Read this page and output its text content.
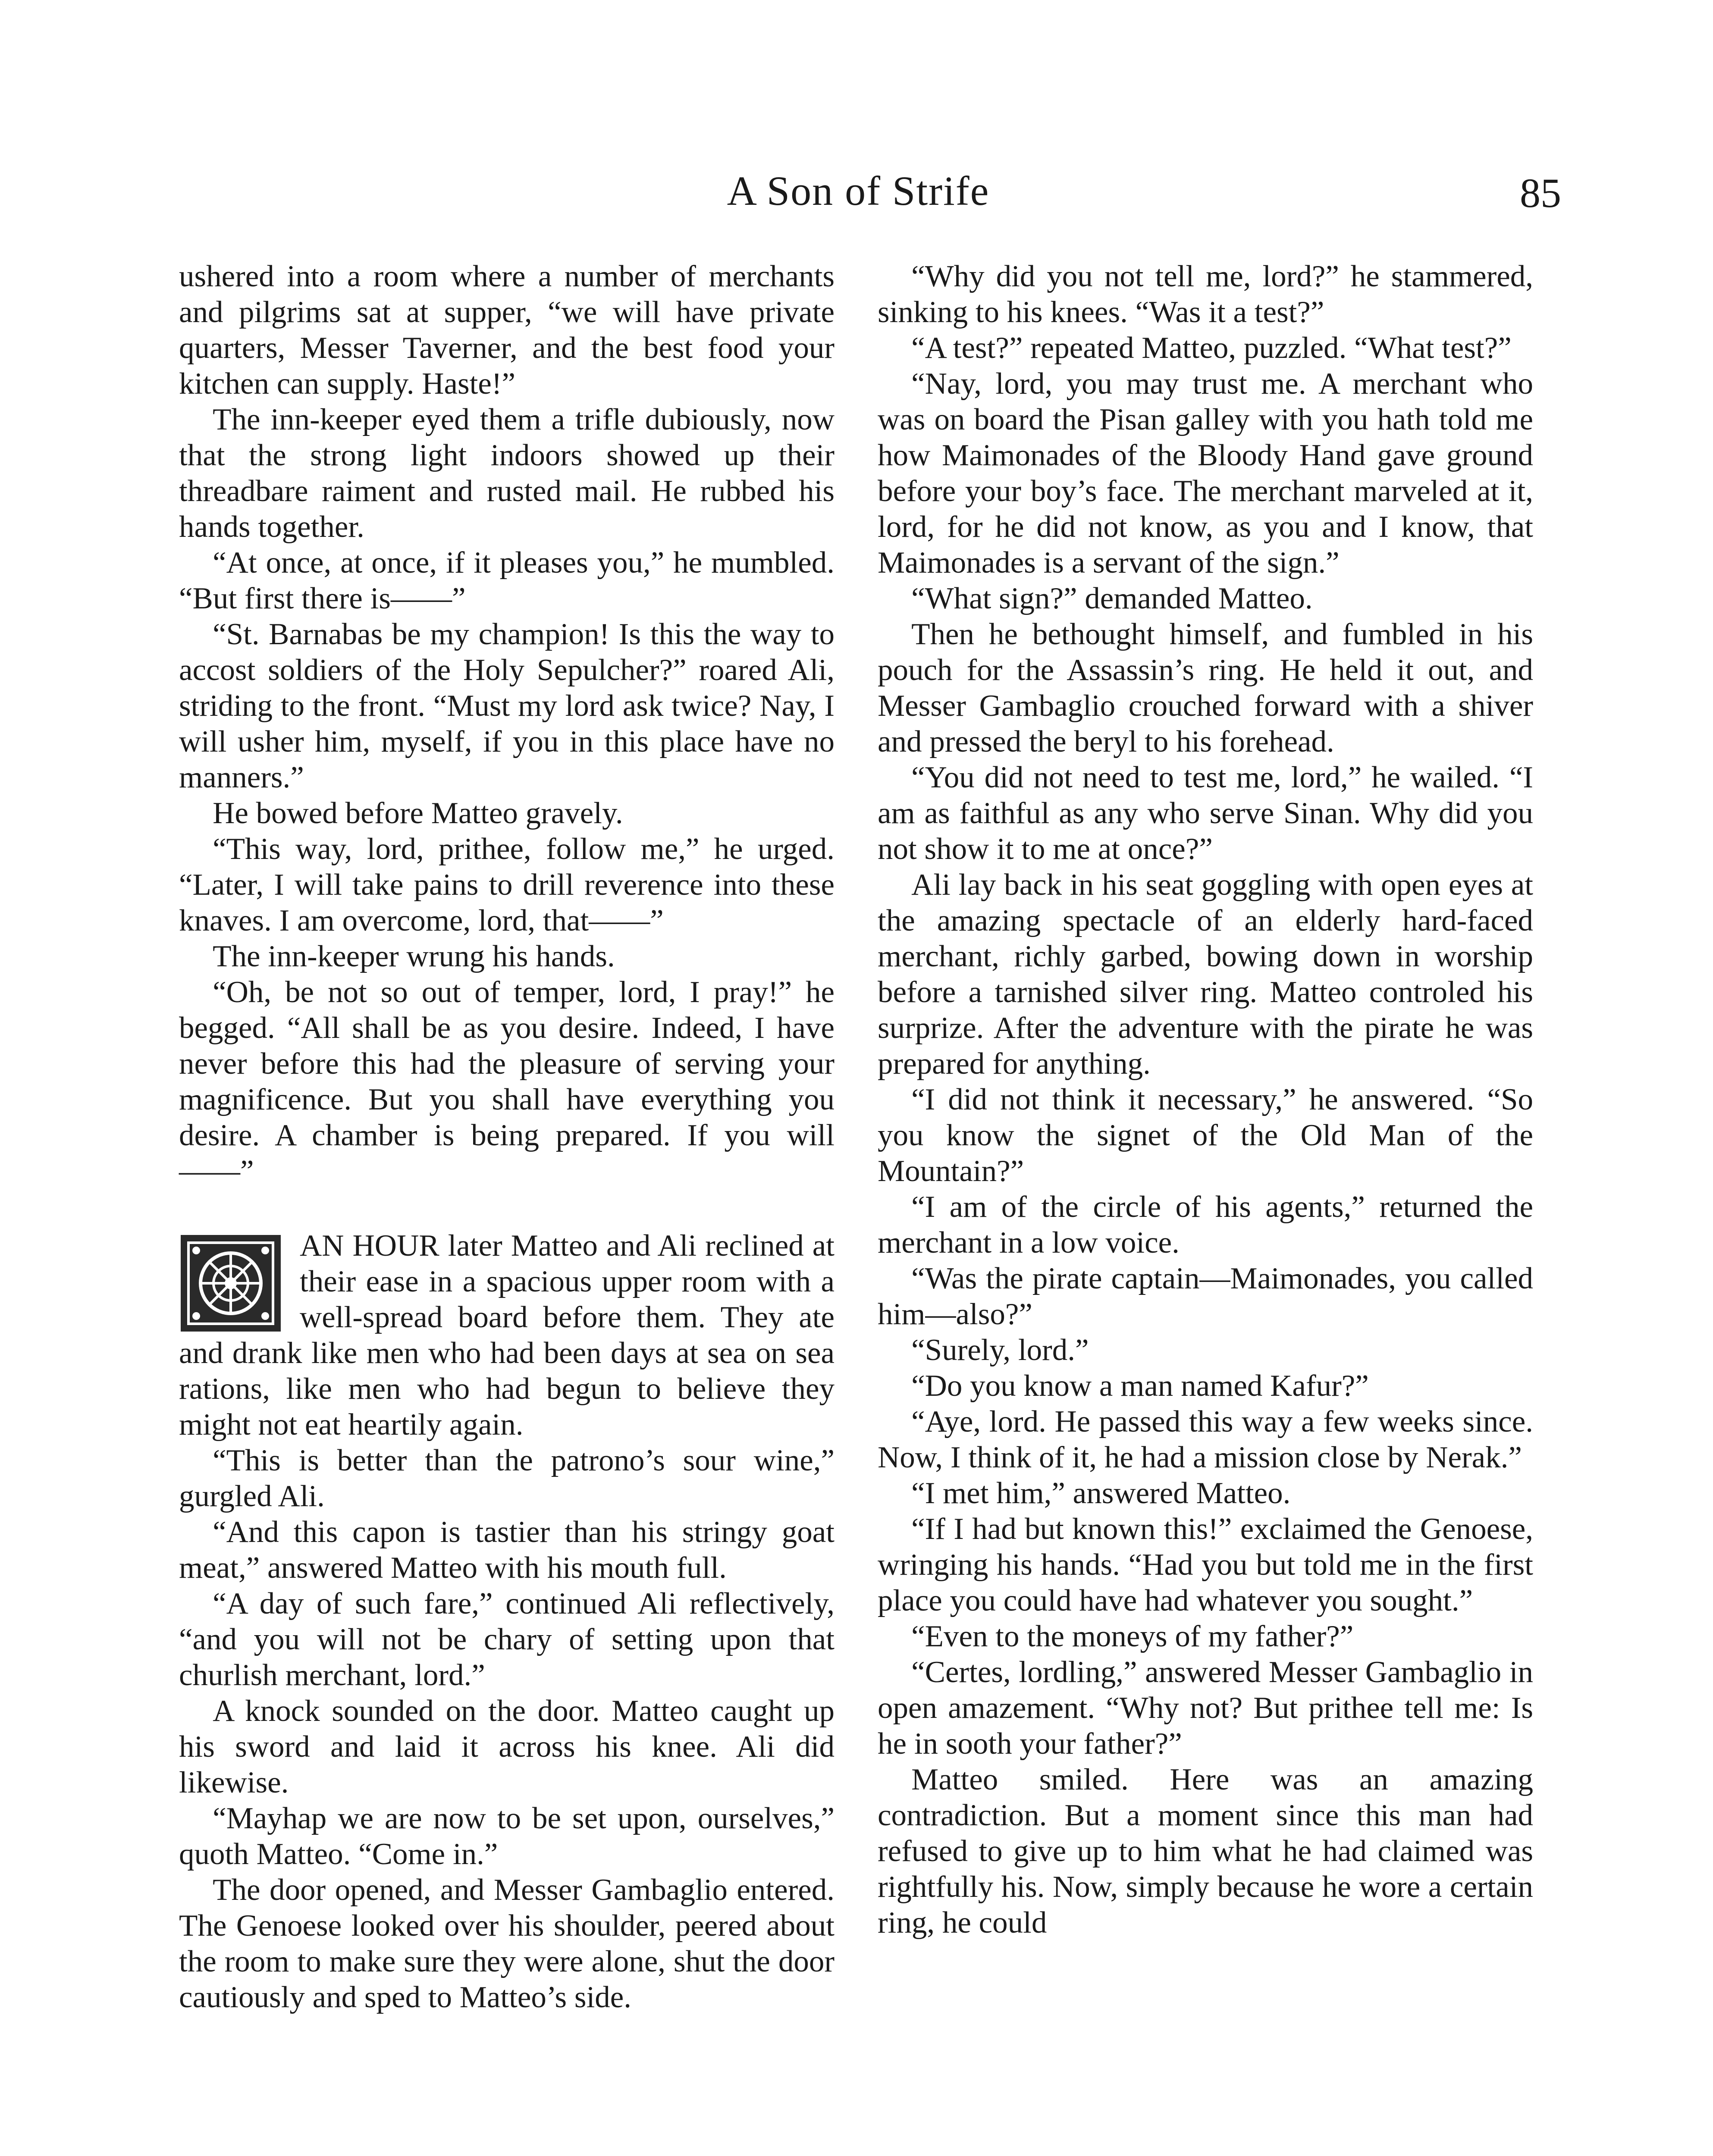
A Son of Strife	85

ushered into a room where a number of merchants and pilgrims sat at supper, “we will have private quarters, Messer Taverner, and the best food your kitchen can supply. Haste!”

The inn-keeper eyed them a trifle dubiously, now that the strong light indoors showed up their threadbare raiment and rusted mail. He rubbed his hands together.

“At once, at once, if it pleases you,” he mumbled. “But first there is——”

“St. Barnabas be my champion! Is this the way to accost soldiers of the Holy Sepulcher?” roared Ali, striding to the front. “Must my lord ask twice? Nay, I will usher him, myself, if you in this place have no manners.”

He bowed before Matteo gravely.

“This way, lord, prithee, follow me,” he urged. “Later, I will take pains to drill reverence into these knaves. I am overcome, lord, that——”

The inn-keeper wrung his hands.

“Oh, be not so out of temper, lord, I pray!” he begged. “All shall be as you desire. Indeed, I have never before this had the pleasure of serving your magnificence. But you shall have everything you desire. A chamber is being prepared. If you will——”

AN HOUR later Matteo and Ali reclined at their ease in a spacious upper room with a well-spread board before them. They ate and drank like men who had been days at sea on sea rations, like men who had begun to believe they might not eat heartily again.

“This is better than the patrono’s sour wine,” gurgled Ali.

“And this capon is tastier than his stringy goat meat,” answered Matteo with his mouth full.

“A day of such fare,” continued Ali reflectively, “and you will not be chary of setting upon that churlish merchant, lord.”

A knock sounded on the door. Matteo caught up his sword and laid it across his knee. Ali did likewise.

“Mayhap we are now to be set upon, ourselves,” quoth Matteo. “Come in.”

The door opened, and Messer Gambaglio entered. The Genoese looked over his shoulder, peered about the room to make sure they were alone, shut the door cautiously and sped to Matteo’s side.

“Why did you not tell me, lord?” he stammered, sinking to his knees. “Was it a test?”

“A test?” repeated Matteo, puzzled. “What test?”

“Nay, lord, you may trust me. A merchant who was on board the Pisan galley with you hath told me how Maimonades of the Bloody Hand gave ground before your boy’s face. The merchant marveled at it, lord, for he did not know, as you and I know, that Maimonades is a servant of the sign.”

“What sign?” demanded Matteo.

Then he bethought himself, and fumbled in his pouch for the Assassin’s ring. He held it out, and Messer Gambaglio crouched forward with a shiver and pressed the beryl to his forehead.

“You did not need to test me, lord,” he wailed. “I am as faithful as any who serve Sinan. Why did you not show it to me at once?”

Ali lay back in his seat goggling with open eyes at the amazing spectacle of an elderly hard-faced merchant, richly garbed, bowing down in worship before a tarnished silver ring. Matteo controled his surprize. After the adventure with the pirate he was prepared for anything.

“I did not think it necessary,” he answered. “So you know the signet of the Old Man of the Mountain?”

“I am of the circle of his agents,” returned the merchant in a low voice.

“Was the pirate captain—Maimonades, you called him—also?”

“Surely, lord.”

“Do you know a man named Kafur?”

“Aye, lord. He passed this way a few weeks since. Now, I think of it, he had a mission close by Nerak.”

“I met him,” answered Matteo.

“If I had but known this!” exclaimed the Genoese, wringing his hands. “Had you but told me in the first place you could have had whatever you sought.”

“Even to the moneys of my father?”

“Certes, lordling,” answered Messer Gambaglio in open amazement. “Why not? But prithee tell me: Is he in sooth your father?”

Matteo smiled. Here was an amazing contradiction. But a moment since this man had refused to give up to him what he had claimed was rightfully his. Now, simply because he wore a certain ring, he could
